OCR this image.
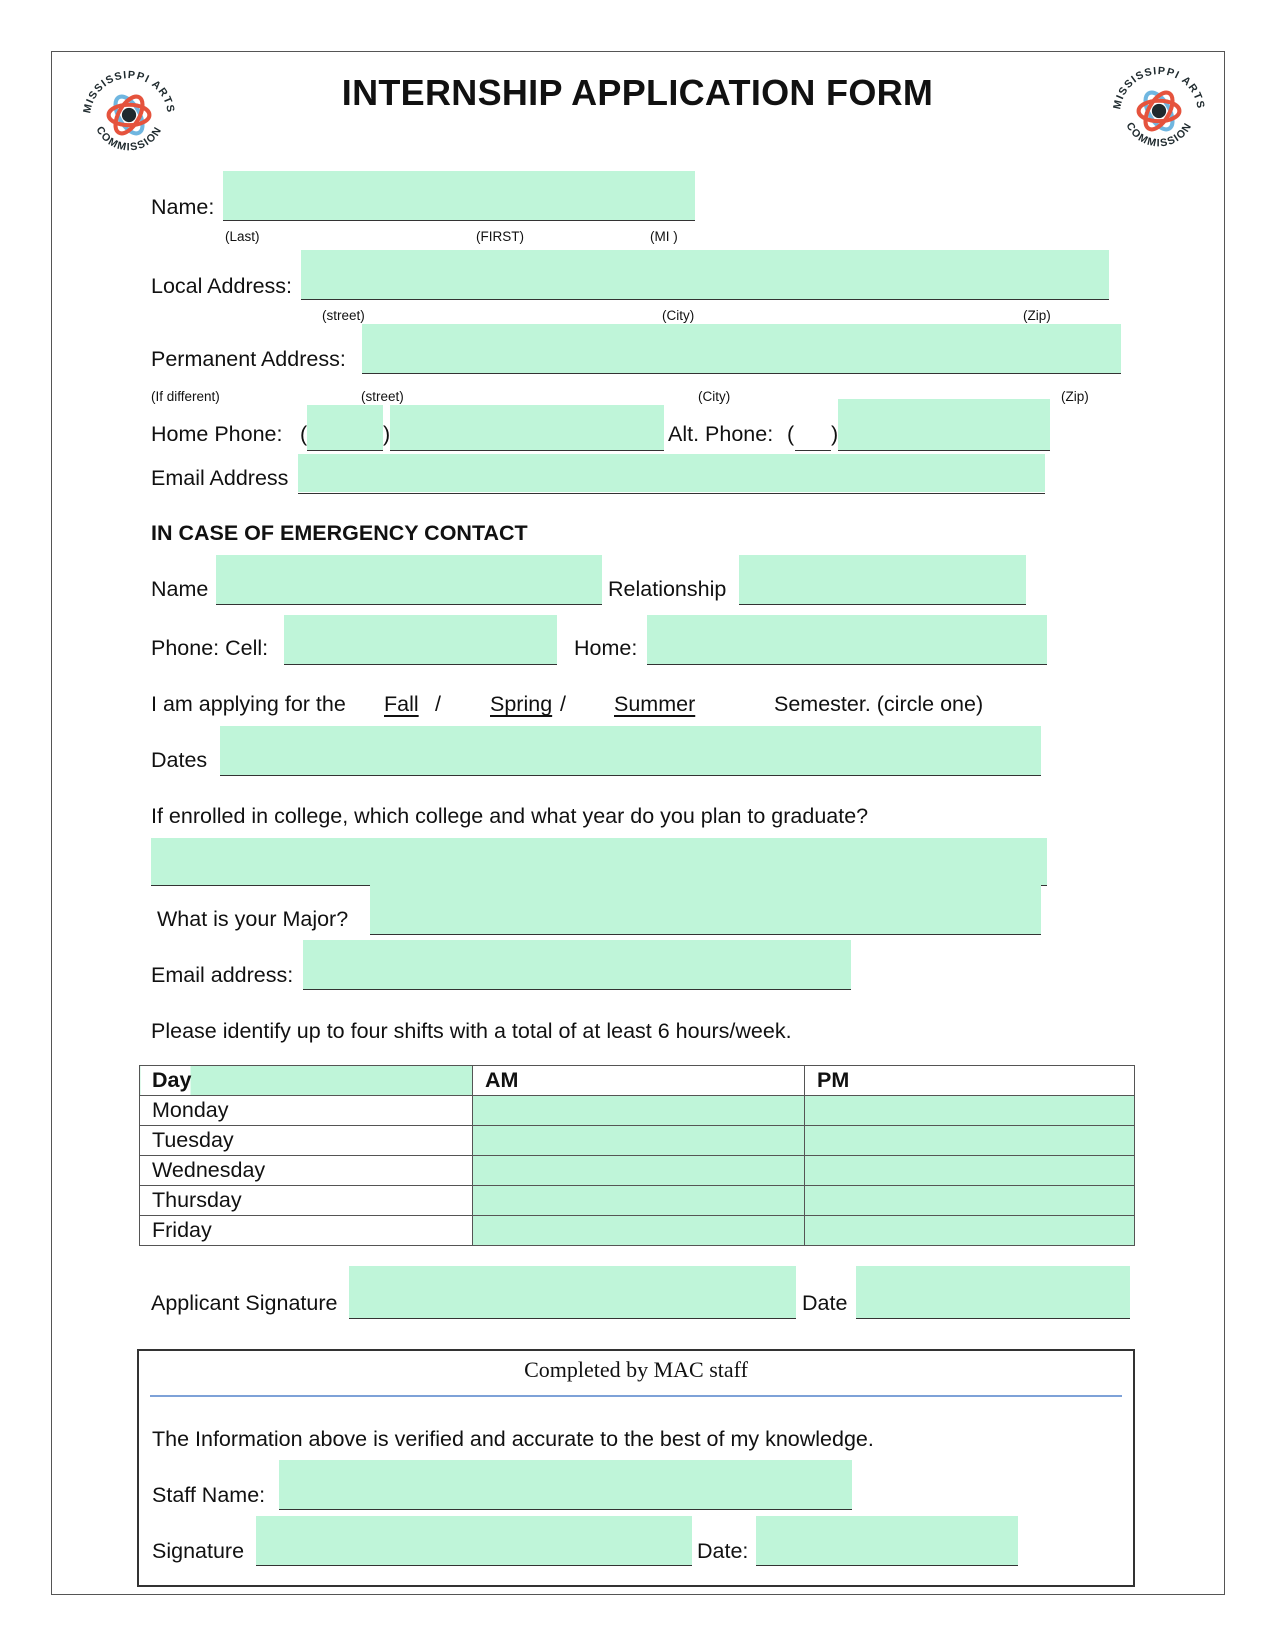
MISSISSIPPI ARTS
COMMISSION
MISSISSIPPI ARTS
COMMISSION
INTERNSHIP APPLICATION FORM
Name:
(Last)	(FIRST)	(MI )
Local Address:
(street)	(City)	(Zip)
Permanent Address:
(If different)	(street)	(City)	(Zip)
Home Phone: (	)	Alt. Phone: ( )
Email Address
IN CASE OF EMERGENCY CONTACT
Name	Relationship
Phone: Cell:	Home:
I am applying for the Fall / Spring / Summer	Semester. (circle one)
Dates
If enrolled in college, which college and what year do you plan to graduate?
What is your Major?
Email address:
Please identify up to four shifts with a total of at least 6 hours/week.
Day	AM	PM
Monday		
Tuesday		
Wednesday		
Thursday		
Friday		
Applicant Signature	Date
Completed by MAC staff
The Information above is verified and accurate to the best of my knowledge.
Staff Name:
Signature	Date:
